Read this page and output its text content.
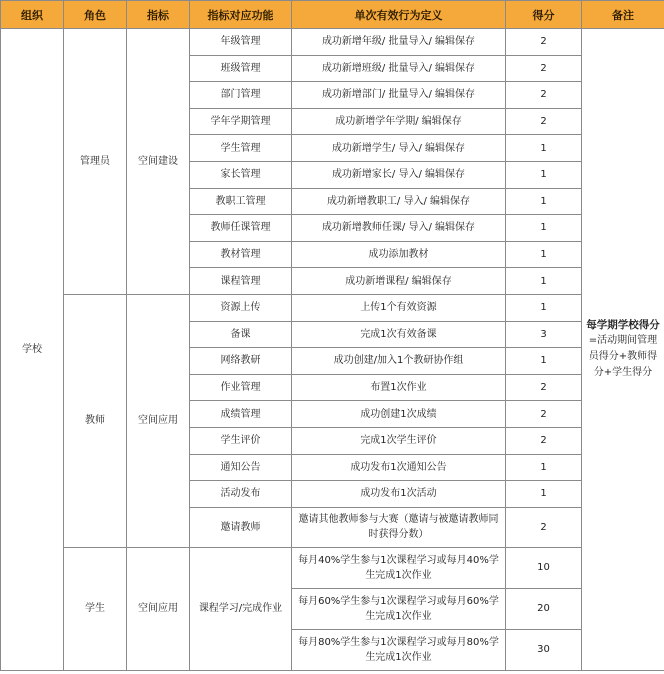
组织	角色	指标	指标对应功能	单次有效行为定义	得分	备注
学校	管理员	空间建设	年级管理	成功新增年级/ 批量导入/ 编辑保存	2	每学期学校得分
=活动期间管理员得分+教师得分+学生得分

			班级管理	成功新增班级/ 批量导入/ 编辑保存	2	
			部门管理	成功新增部门/ 批量导入/ 编辑保存	2	
			学年学期管理	成功新增学年学期/ 编辑保存	2	
			学生管理	成功新增学生/ 导入/ 编辑保存	1	
			家长管理	成功新增家长/ 导入/ 编辑保存	1	
			教职工管理	成功新增教职工/ 导入/ 编辑保存	1	
			教师任课管理	成功新增教师任课/ 导入/ 编辑保存	1	
			教材管理	成功添加教材	1	
			课程管理	成功新增课程/ 编辑保存	1	
	教师	空间应用	资源上传	上传1个有效资源	1	
			备课	完成1次有效备课	3	
			网络教研	成功创建/加入1个教研协作组	1	
			作业管理	布置1次作业	2	
			成绩管理	成功创建1次成绩	2	
			学生评价	完成1次学生评价	2	
			通知公告	成功发布1次通知公告	1	
			活动发布	成功发布1次活动	1	
			邀请教师	邀请其他教师参与大赛（邀请与被邀请教师同时获得分数）	2	
	学生	空间应用	课程学习/完成作业	每月40%学生参与1次课程学习或每月40%学生完成1次作业	10	
				每月60%学生参与1次课程学习或每月60%学生完成1次作业	20	
				每月80%学生参与1次课程学习或每月80%学生完成1次作业	30	
